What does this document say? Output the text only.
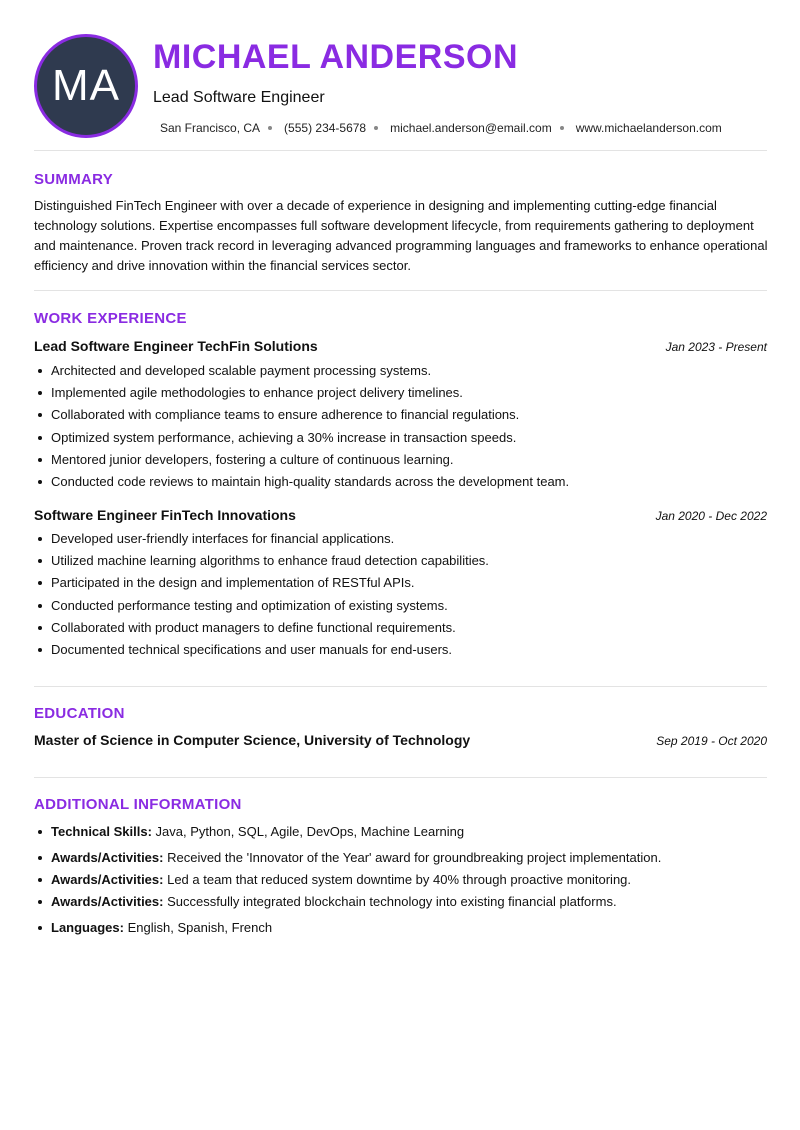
MA
MICHAEL ANDERSON
Lead Software Engineer
San Francisco, CA (555) 234-5678 michael.anderson@email.com www.michaelanderson.com
SUMMARY

Distinguished FinTech Engineer with over a decade of experience in designing and implementing cutting-edge financial technology solutions. Expertise encompasses full software development lifecycle, from requirements gathering to deployment and maintenance. Proven track record in leveraging advanced programming languages and frameworks to enhance operational efficiency and drive innovation within the financial services sector.

WORK EXPERIENCE
Lead Software Engineer TechFin Solutions	Jan 2023 - Present
Architected and developed scalable payment processing systems.
Implemented agile methodologies to enhance project delivery timelines.
Collaborated with compliance teams to ensure adherence to financial regulations.
Optimized system performance, achieving a 30% increase in transaction speeds.
Mentored junior developers, fostering a culture of continuous learning.
Conducted code reviews to maintain high-quality standards across the development team.
Software Engineer FinTech Innovations	Jan 2020 - Dec 2022
Developed user-friendly interfaces for financial applications.
Utilized machine learning algorithms to enhance fraud detection capabilities.
Participated in the design and implementation of RESTful APIs.
Conducted performance testing and optimization of existing systems.
Collaborated with product managers to define functional requirements.
Documented technical specifications and user manuals for end-users.
EDUCATION
Master of Science in Computer Science, University of Technology	Sep 2019 - Oct 2020
ADDITIONAL INFORMATION
Technical Skills: Java, Python, SQL, Agile, DevOps, Machine Learning
Awards/Activities: Received the 'Innovator of the Year' award for groundbreaking project implementation.
Awards/Activities: Led a team that reduced system downtime by 40% through proactive monitoring.
Awards/Activities: Successfully integrated blockchain technology into existing financial platforms.
Languages: English, Spanish, French
